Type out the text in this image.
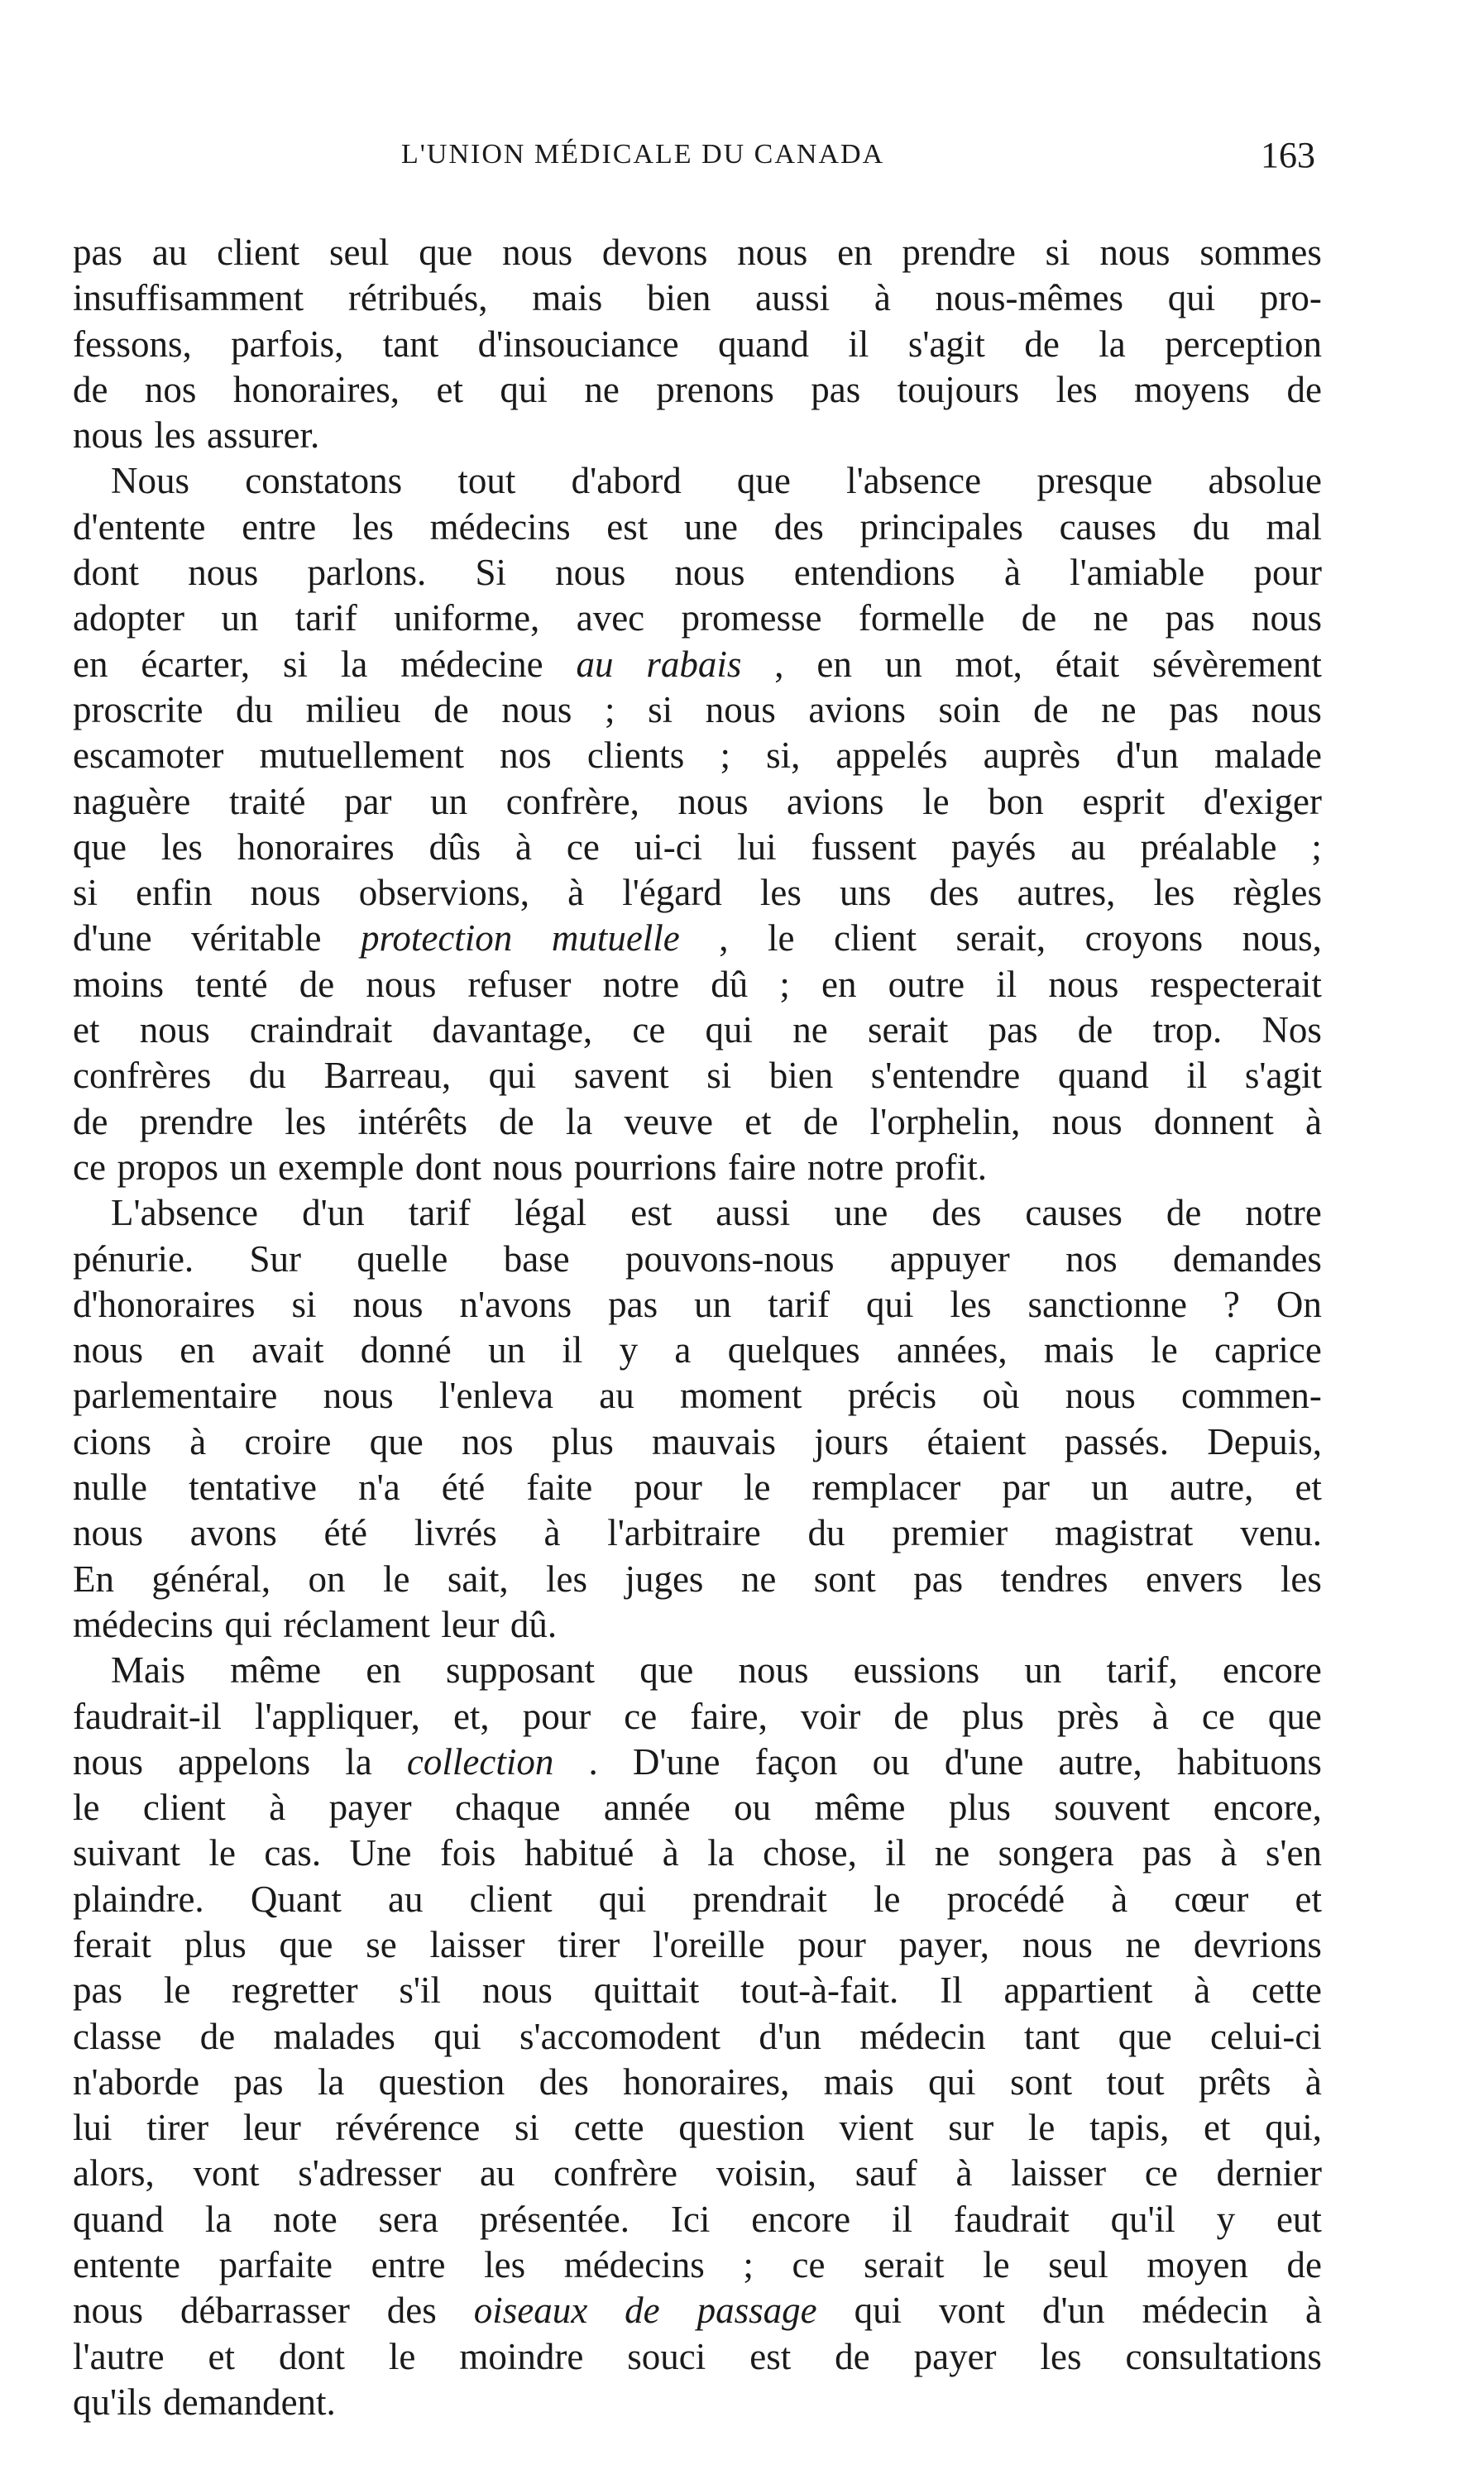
L'UNION MÉDICALE DU CANADA	163
pas au client seul que nous devons nous en prendre si nous sommes
insuffisamment rétribués, mais bien aussi à nous-mêmes qui pro-
fessons, parfois, tant d'insouciance quand il s'agit de la perception
de nos honoraires, et qui ne prenons pas toujours les moyens de
nous les assurer.
Nous constatons tout d'abord que l'absence presque absolue
d'entente entre les médecins est une des principales causes du mal
dont nous parlons. Si nous nous entendions à l'amiable pour
adopter un tarif uniforme, avec promesse formelle de ne pas nous
en écarter, si la médecine au rabais , en un mot, était sévèrement
proscrite du milieu de nous ; si nous avions soin de ne pas nous
escamoter mutuellement nos clients ; si, appelés auprès d'un malade
naguère traité par un confrère, nous avions le bon esprit d'exiger
que les honoraires dûs à ce ui-ci lui fussent payés au préalable ;
si enfin nous observions, à l'égard les uns des autres, les règles
d'une véritable protection mutuelle , le client serait, croyons nous,
moins tenté de nous refuser notre dû ; en outre il nous respecterait
et nous craindrait davantage, ce qui ne serait pas de trop. Nos
confrères du Barreau, qui savent si bien s'entendre quand il s'agit
de prendre les intérêts de la veuve et de l'orphelin, nous donnent à
ce propos un exemple dont nous pourrions faire notre profit.
L'absence d'un tarif légal est aussi une des causes de notre
pénurie. Sur quelle base pouvons-nous appuyer nos demandes
d'honoraires si nous n'avons pas un tarif qui les sanctionne ? On
nous en avait donné un il y a quelques années, mais le caprice
parlementaire nous l'enleva au moment précis où nous commen-
cions à croire que nos plus mauvais jours étaient passés. Depuis,
nulle tentative n'a été faite pour le remplacer par un autre, et
nous avons été livrés à l'arbitraire du premier magistrat venu.
En général, on le sait, les juges ne sont pas tendres envers les
médecins qui réclament leur dû.
Mais même en supposant que nous eussions un tarif, encore
faudrait-il l'appliquer, et, pour ce faire, voir de plus près à ce que
nous appelons la collection . D'une façon ou d'une autre, habituons
le client à payer chaque année ou même plus souvent encore,
suivant le cas. Une fois habitué à la chose, il ne songera pas à s'en
plaindre. Quant au client qui prendrait le procédé à cœur et
ferait plus que se laisser tirer l'oreille pour payer, nous ne devrions
pas le regretter s'il nous quittait tout-à-fait. Il appartient à cette
classe de malades qui s'accomodent d'un médecin tant que celui-ci
n'aborde pas la question des honoraires, mais qui sont tout prêts à
lui tirer leur révérence si cette question vient sur le tapis, et qui,
alors, vont s'adresser au confrère voisin, sauf à laisser ce dernier
quand la note sera présentée. Ici encore il faudrait qu'il y eut
entente parfaite entre les médecins ; ce serait le seul moyen de
nous débarrasser des oiseaux de passage qui vont d'un médecin à
l'autre et dont le moindre souci est de payer les consultations
qu'ils demandent.
